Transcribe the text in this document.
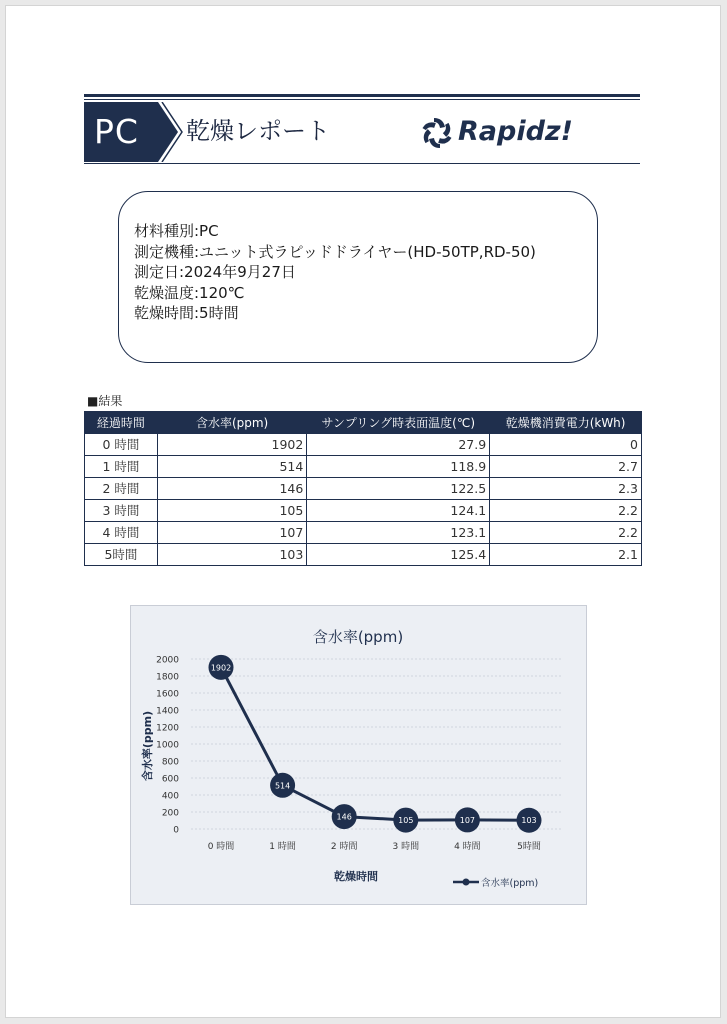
PC	乾燥レポート	Rapidz!
材料種別:PC
測定機種:ユニット式ラピッドドライヤー(HD-50TP,RD-50)
測定日:2024年9月27日
乾燥温度:120℃
乾燥時間:5時間
■結果
経過時間	含水率(ppm)	サンプリング時表面温度(℃)	乾燥機消費電力(kWh)
0 時間	1902	27.9	0
1 時間	514	118.9	2.7
2 時間	146	122.5	2.3
3 時間	105	124.1	2.2
4 時間	107	123.1	2.2
5時間	103	125.4	2.1
含水率(ppm)
0
200
400
600
800
1000
1200
1400
1600
1800
2000
0 時間	1 時間	2 時間	3 時間	4 時間	5時間
含水率(ppm)
乾燥時間
1902
514
146	105	107	103
含水率(ppm)
